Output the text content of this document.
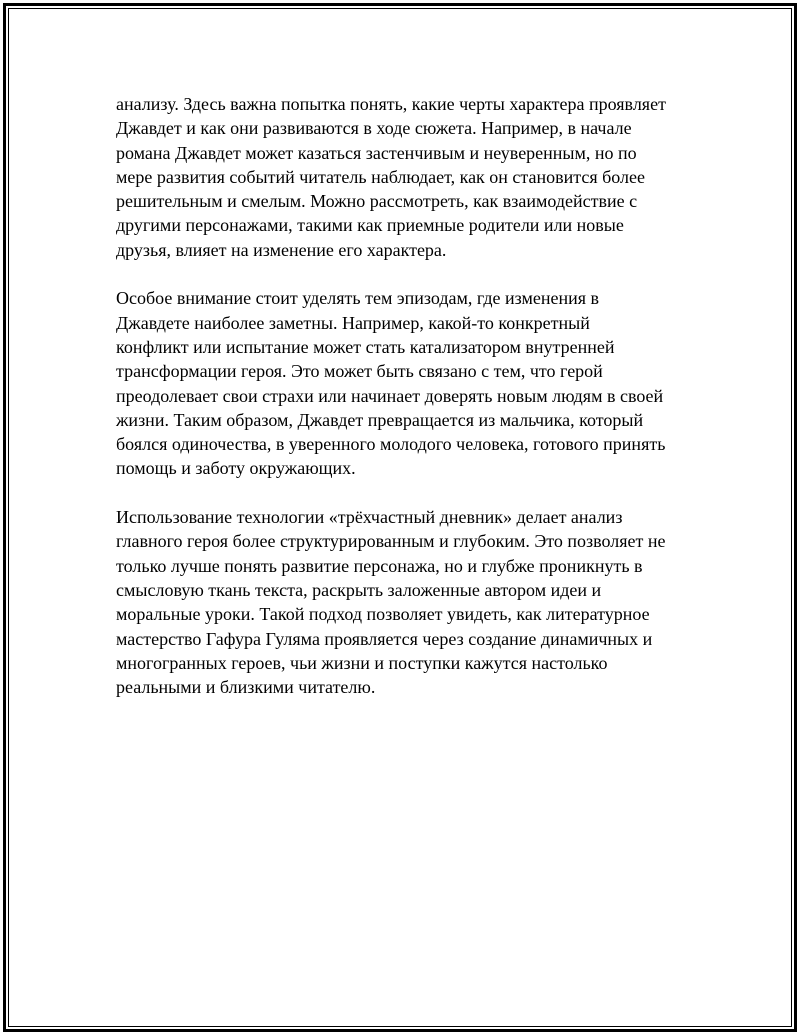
анализу. Здесь важна попытка понять, какие черты характера проявляет
Джавдет и как они развиваются в ходе сюжета. Например, в начале
романа Джавдет может казаться застенчивым и неуверенным, но по
мере развития событий читатель наблюдает, как он становится более
решительным и смелым. Можно рассмотреть, как взаимодействие с
другими персонажами, такими как приемные родители или новые
друзья, влияет на изменение его характера.

Особое внимание стоит уделять тем эпизодам, где изменения в
Джавдете наиболее заметны. Например, какой-то конкретный
конфликт или испытание может стать катализатором внутренней
трансформации героя. Это может быть связано с тем, что герой
преодолевает свои страхи или начинает доверять новым людям в своей
жизни. Таким образом, Джавдет превращается из мальчика, который
боялся одиночества, в уверенного молодого человека, готового принять
помощь и заботу окружающих.

Использование технологии «трёхчастный дневник» делает анализ
главного героя более структурированным и глубоким. Это позволяет не
только лучше понять развитие персонажа, но и глубже проникнуть в
смысловую ткань текста, раскрыть заложенные автором идеи и
моральные уроки. Такой подход позволяет увидеть, как литературное
мастерство Гафура Гуляма проявляется через создание динамичных и
многогранных героев, чьи жизни и поступки кажутся настолько
реальными и близкими читателю.
